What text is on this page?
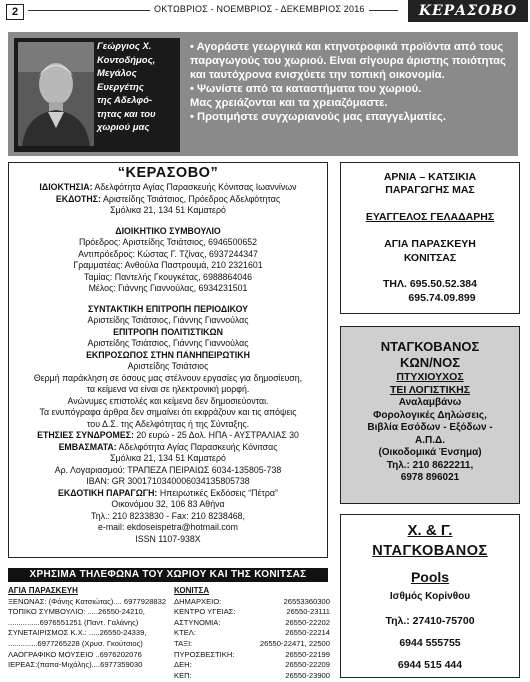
2	ΟΚΤΩΒΡΙΟΣ - ΝΟΕΜΒΡΙΟΣ - ΔΕΚΕΜΒΡΙΟΣ 2016	ΚΕΡΑΣΟΒΟ
Γεώργιος Χ.
Κοντοδήμος,
Μεγάλος
Ευεργέτης
της Αδελφό-
τητας και του
χωριού μας

• Αγοράστε γεωργικά και κτηνοτροφικά προϊόντα από τους παραγωγούς του χωριού. Είναι σίγουρα άριστης ποιότητας και ταυτόχρονα ενισχύετε την τοπική οικονομία.

• Ψωνίστε από τα καταστήματα του χωριού.

Μας χρειάζονται και τα χρειαζόμαστε.

• Προτιμήστε συγχωριανούς μας επαγγελματίες.

“ΚΕΡΑΣΟΒΟ”
ΙΔΙΟΚΤΗΣΙΑ: Αδελφότητα Αγίας Παρασκευής Κόνιτσας Ιωαννίνων
ΕΚΔΟΤΗΣ: Αριστείδης Τσιάτσιος, Πρόεδρος Αδελφότητας
Σμόλικα 21, 134 51 Καματερό
ΔΙΟΙΚΗΤΙΚΟ ΣΥΜΒΟΥΛΙΟ
Πρόεδρος: Αριστείδης Τσιάτσιος, 6946500652
Αντιπρόεδρος: Κώστας Γ. Τζίνας, 6937244347
Γραμματέας: Ανθούλα Παστρουμά, 210 2321601
Ταμίας: Παντελής Γκουγκέτας, 6988864046
Μέλος: Γιάννης Γιαννούλας, 6934231501
ΣΥΝΤΑΚΤΙΚΗ ΕΠΙΤΡΟΠΗ ΠΕΡΙΟΔΙΚΟΥ
Αριστείδης Τσιάτσιος, Γιάννης Γιαννούλας
ΕΠΙΤΡΟΠΗ ΠΟΛΙΤΙΣΤΙΚΩΝ
Αριστείδης Τσιάτσιος, Γιάννης Γιαννούλας
ΕΚΠΡΟΣΩΠΟΣ ΣΤΗΝ ΠΑΝΗΠΕΙΡΩΤΙΚΗ
Αριστείδης Τσιάτσιος
Θερμή παράκληση σε όσους μας στέλνουν εργασίες για δημοσίευση,
τα κείμενα να είναι σε ηλεκτρονική μορφή.
Ανώνυμες επιστολές και κείμενα δεν δημοσιεύονται.
Τα ενυπόγραφα άρθρα δεν σημαίνει ότι εκφράζουν και τις απόψεις
του Δ.Σ. της Αδελφότητας ή της Σύνταξης.
ΕΤΗΣΙΕΣ ΣΥΝΔΡΟΜΕΣ: 20 ευρώ - 25 Δολ. ΗΠΑ - ΑΥΣΤΡΑΛΙΑΣ 30
ΕΜΒΑΣΜΑΤΑ: Αδελφότητα Αγίας Παρασκευής Κόνιτσας
Σμόλικα 21, 134 51 Καματερό
Αρ. Λογαριασμού: ΤΡΑΠΕΖΑ ΠΕΙΡΑΙΩΣ 6034-135805-738
IBAN: GR 3001710340006034135805738
ΕΚΔΟΤΙΚΗ ΠΑΡΑΓΩΓΗ: Ηπειρωτικές Εκδόσεις “Πέτρα”
Οικονόμου 32, 106 83 Αθήνα
Τηλ.: 210 8233830 - Fax: 210 8238468,
e-mail: ekdoseispetra@hotmail.com
ISSN 1107-938X
ΑΡΝΙΑ – ΚΑΤΣΙΚΙΑ
ΠΑΡΑΓΩΓΗΣ ΜΑΣ
ΕΥΑΓΓΕΛΟΣ ΓΕΛΑΔΑΡΗΣ
ΑΓΙΑ ΠΑΡΑΣΚΕΥΗ
ΚΟΝΙΤΣΑΣ
ΤΗΛ. 695.50.52.384
695.74.09.899
ΝΤΑΓΚΟΒΑΝΟΣ
ΚΩΝ/ΝΟΣ
ΠΤΥΧΙΟΥΧΟΣ
ΤΕΙ ΛΟΓΙΣΤΙΚΗΣ
Αναλαμβάνω
Φορολογικές Δηλώσεις,
Βιβλία Εσόδων - Εξόδων -
Α.Π.Δ.
(Οικοδομικά Ένσημα)
Τηλ.: 210 8622211,
6978 896021
Χ. & Γ.
ΝΤΑΓΚΟΒΑΝΟΣ
Pools
Ισθμός Κορίνθου
Τηλ.: 27410-75700
6944 555755
6944 515 444
ΧΡΗΣΙΜΑ ΤΗΛΕΦΩΝΑ ΤΟΥ ΧΩΡΙΟΥ ΚΑΙ ΤΗΣ ΚΟΝΙΤΣΑΣ
ΑΓΙΑ ΠΑΡΑΣΚΕΥΗ
ΞΕΝΩΝΑΣ: (Φάνης Κατσιώτας).... 6977928832
ΤΟΠΙΚΟ ΣΥΜΒΟΥΛΙΟ: .....26550-24210,
...............6976551251 (Παντ. Γαλάνης)
ΣΥΝΕΤΑΙΡΙΣΜΟΣ Κ.Χ.: .....26550-24339,
..............6977265228 (Χρυσ. Γκούτσιος)
ΛΑΟΓΡΑΦΙΚΟ ΜΟΥΣΕΙΟ ..6976202076
ΙΕΡΕΑΣ:(παπα-Μιχάλης)....6977359030
ΚΟΝΙΤΣΑ
ΔΗΜΑΡΧΕΙΟ:	26553360300
ΚΕΝΤΡΟ ΥΓΕΙΑΣ:	26550-23111
ΑΣΤΥΝΟΜΙΑ:	26550-22202
ΚΤΕΛ:	26550-22214
ΤΑΞΙ:	26550-22471, 22500
ΠΥΡΟΣΒΕΣΤΙΚΗ:	26550-22199
ΔΕΗ:	26550-22209
ΚΕΠ:	26550-23900
